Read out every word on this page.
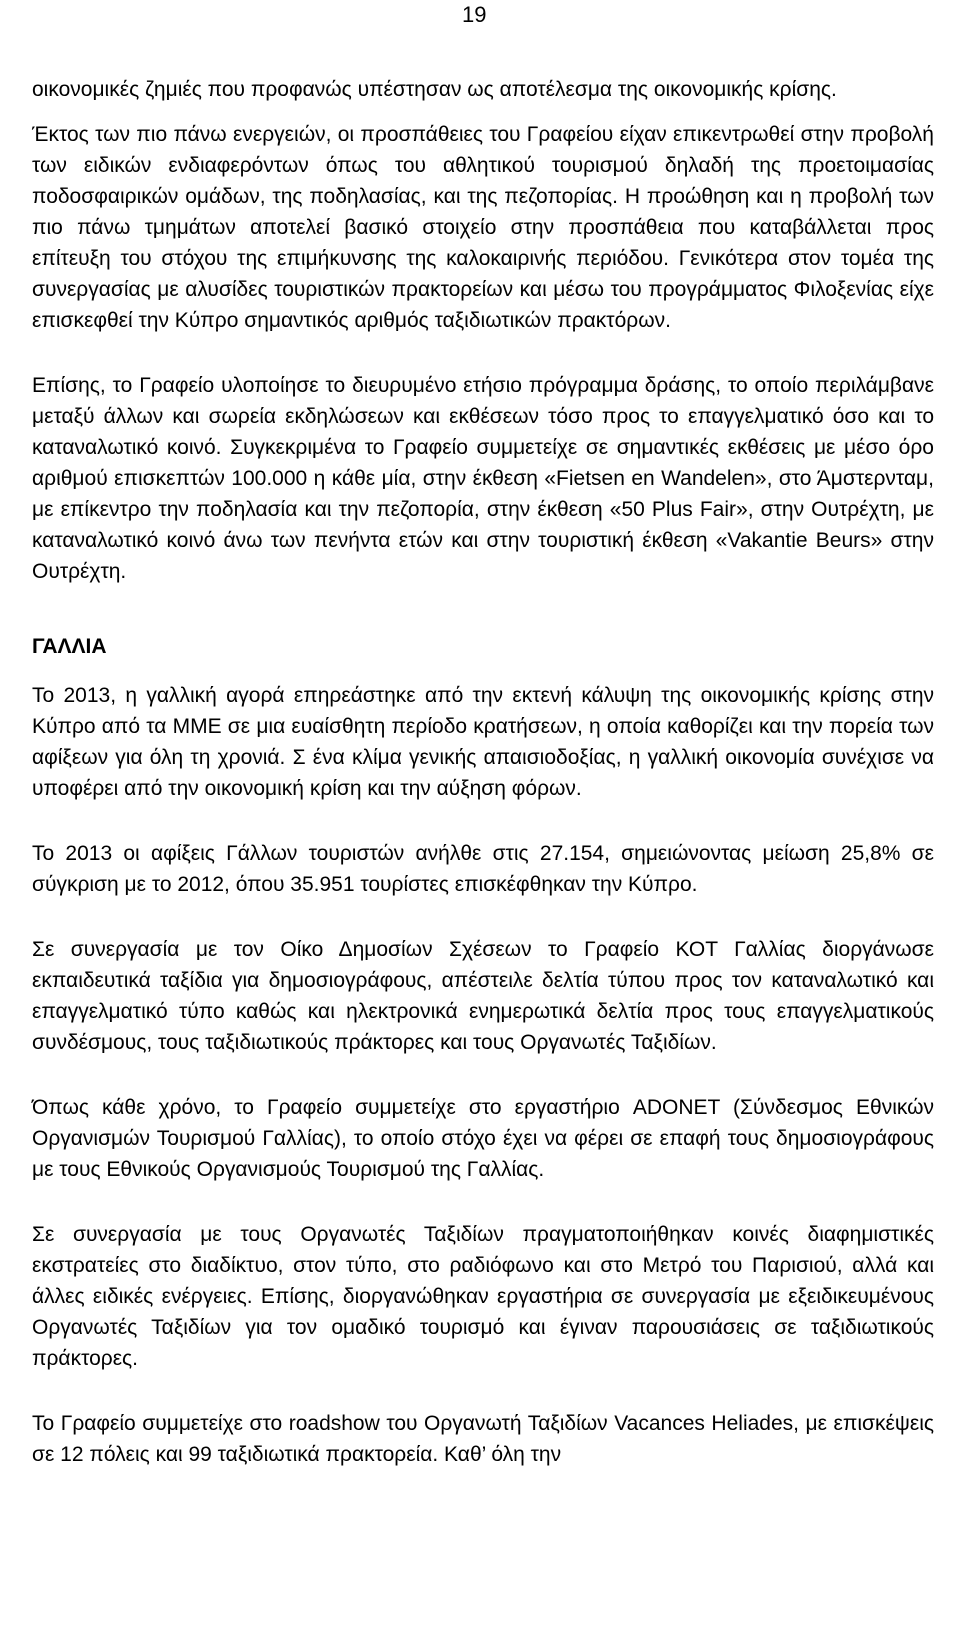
19

οικονομικές ζημιές που προφανώς υπέστησαν ως αποτέλεσμα της οικονομικής κρίσης.

Έκτος των πιο πάνω ενεργειών, οι προσπάθειες του Γραφείου είχαν επικεντρωθεί στην προβολή των ειδικών ενδιαφερόντων όπως του αθλητικού τουρισμού δηλαδή της προετοιμασίας ποδοσφαιρικών ομάδων, της ποδηλασίας, και της πεζοπορίας. Η προώθηση και η προβολή των πιο πάνω τμημάτων αποτελεί βασικό στοιχείο στην προσπάθεια που καταβάλλεται προς επίτευξη του στόχου της επιμήκυνσης της καλοκαιρινής περιόδου. Γενικότερα στον τομέα της συνεργασίας με αλυσίδες τουριστικών πρακτορείων και μέσω του προγράμματος Φιλοξενίας είχε επισκεφθεί την Κύπρο σημαντικός αριθμός ταξιδιωτικών πρακτόρων.

Επίσης, το Γραφείο υλοποίησε το διευρυμένο ετήσιο πρόγραμμα δράσης, το οποίο περιλάμβανε μεταξύ άλλων και σωρεία εκδηλώσεων και εκθέσεων τόσο προς το επαγγελματικό όσο και το καταναλωτικό κοινό. Συγκεκριμένα το Γραφείο συμμετείχε σε σημαντικές εκθέσεις με μέσο όρο αριθμού επισκεπτών 100.000 η κάθε μία, στην έκθεση «Fietsen en Wandelen», στο Άμστερνταμ, με επίκεντρο την ποδηλασία και την πεζοπορία, στην έκθεση «50 Plus Fair», στην Ουτρέχτη, με καταναλωτικό κοινό άνω των πενήντα ετών και στην τουριστική έκθεση «Vakantie Beurs» στην Ουτρέχτη.

ΓΑΛΛΙΑ

Το 2013, η γαλλική αγορά επηρεάστηκε από την εκτενή κάλυψη της οικονομικής κρίσης στην Κύπρο από τα ΜΜΕ σε μια ευαίσθητη περίοδο κρατήσεων, η οποία καθορίζει και την πορεία των αφίξεων για όλη τη χρονιά. Σ ένα κλίμα γενικής απαισιοδοξίας, η γαλλική οικονομία συνέχισε να υποφέρει από την οικονομική κρίση και την αύξηση φόρων.

Το 2013 οι αφίξεις Γάλλων τουριστών ανήλθε στις 27.154, σημειώνοντας μείωση 25,8% σε σύγκριση με το 2012, όπου 35.951 τουρίστες επισκέφθηκαν την Κύπρο.

Σε συνεργασία με τον Οίκο Δημοσίων Σχέσεων το Γραφείο ΚΟΤ Γαλλίας διοργάνωσε εκπαιδευτικά ταξίδια για δημοσιογράφους, απέστειλε δελτία τύπου προς τον καταναλωτικό και επαγγελματικό τύπο καθώς και ηλεκτρονικά ενημερωτικά δελτία προς τους επαγγελματικούς συνδέσμους, τους ταξιδιωτικούς πράκτορες και τους Οργανωτές Ταξιδίων.

Όπως κάθε χρόνο, το Γραφείο συμμετείχε στο εργαστήριο ADONET (Σύνδεσμος Εθνικών Οργανισμών Τουρισμού Γαλλίας), το οποίο στόχο έχει να φέρει σε επαφή τους δημοσιογράφους με τους Εθνικούς Οργανισμούς Τουρισμού της Γαλλίας.

Σε συνεργασία με τους Οργανωτές Ταξιδίων πραγματοποιήθηκαν κοινές διαφημιστικές εκστρατείες στο διαδίκτυο, στον τύπο, στο ραδιόφωνο και στο Μετρό του Παρισιού, αλλά και άλλες ειδικές ενέργειες. Επίσης, διοργανώθηκαν εργαστήρια σε συνεργασία με εξειδικευμένους Οργανωτές Ταξιδίων για τον ομαδικό τουρισμό και έγιναν παρουσιάσεις σε ταξιδιωτικούς πράκτορες.

Το Γραφείο συμμετείχε στο roadshow του Οργανωτή Ταξιδίων Vacances Heliades, με επισκέψεις σε 12 πόλεις και 99 ταξιδιωτικά πρακτορεία. Καθ’ όλη την
